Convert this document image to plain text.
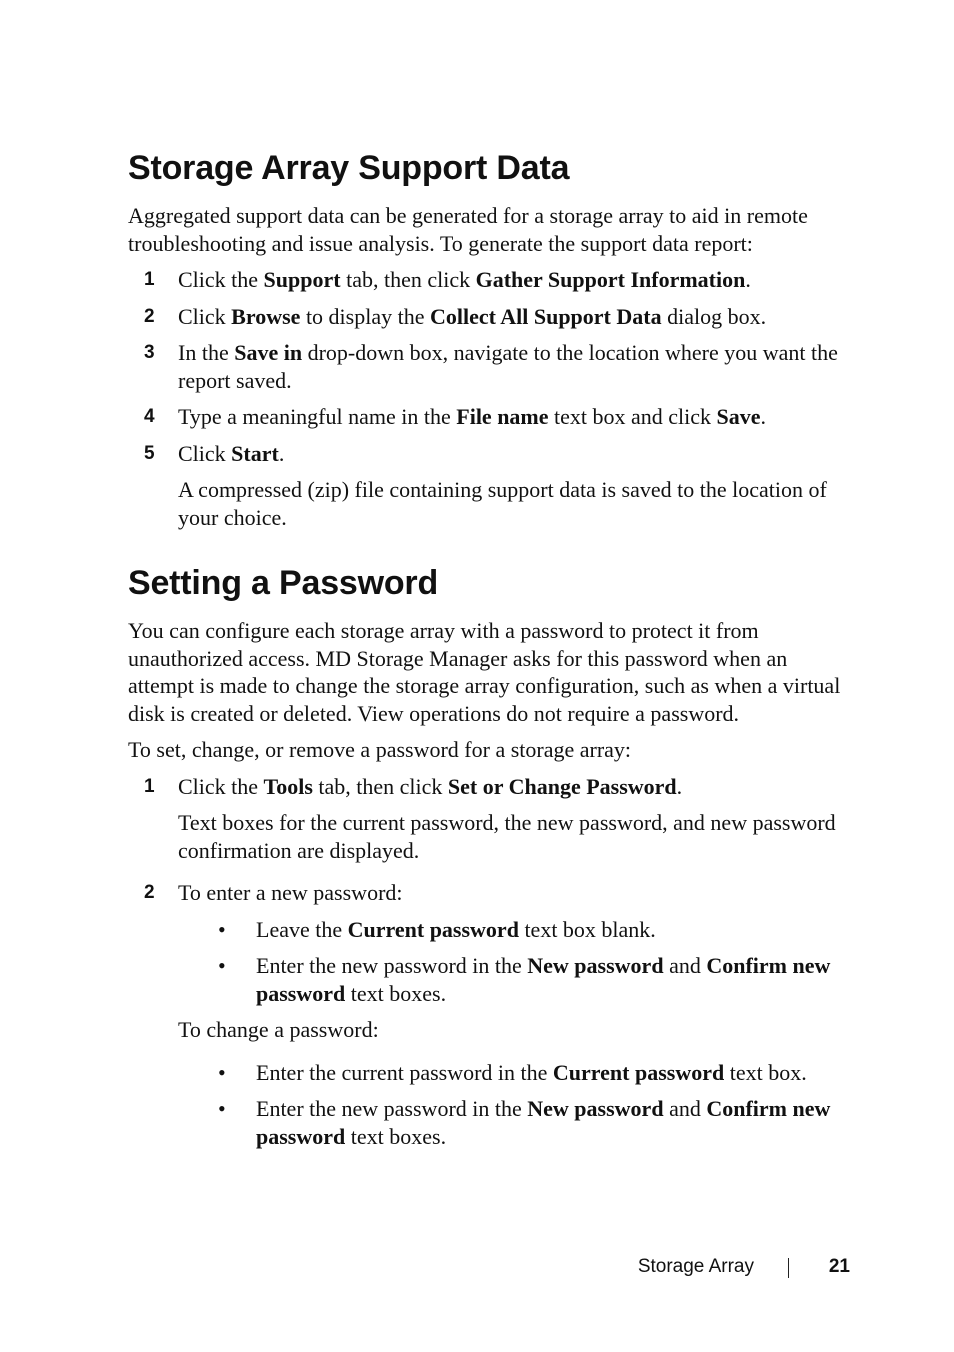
Storage Array Support Data

Aggregated support data can be generated for a storage array to aid in remote troubleshooting and issue analysis. To generate the support data report:

1 Click the Support tab, then click Gather Support Information.
2 Click Browse to display the Collect All Support Data dialog box.
3 In the Save in drop-down box, navigate to the location where you want the report saved.
4 Type a meaningful name in the File name text box and click Save.
5 Click Start.

A compressed (zip) file containing support data is saved to the location of your choice.

Setting a Password

You can configure each storage array with a password to protect it from unauthorized access. MD Storage Manager asks for this password when an attempt is made to change the storage array configuration, such as when a virtual disk is created or deleted. View operations do not require a password.

To set, change, or remove a password for a storage array:

1 Click the Tools tab, then click Set or Change Password.

Text boxes for the current password, the new password, and new password confirmation are displayed.

2 To enter a new password:
• Leave the Current password text box blank.
• Enter the new password in the New password and Confirm new password text boxes.

To change a password:

• Enter the current password in the Current password text box.
• Enter the new password in the New password and Confirm new password text boxes.
Storage Array	21
